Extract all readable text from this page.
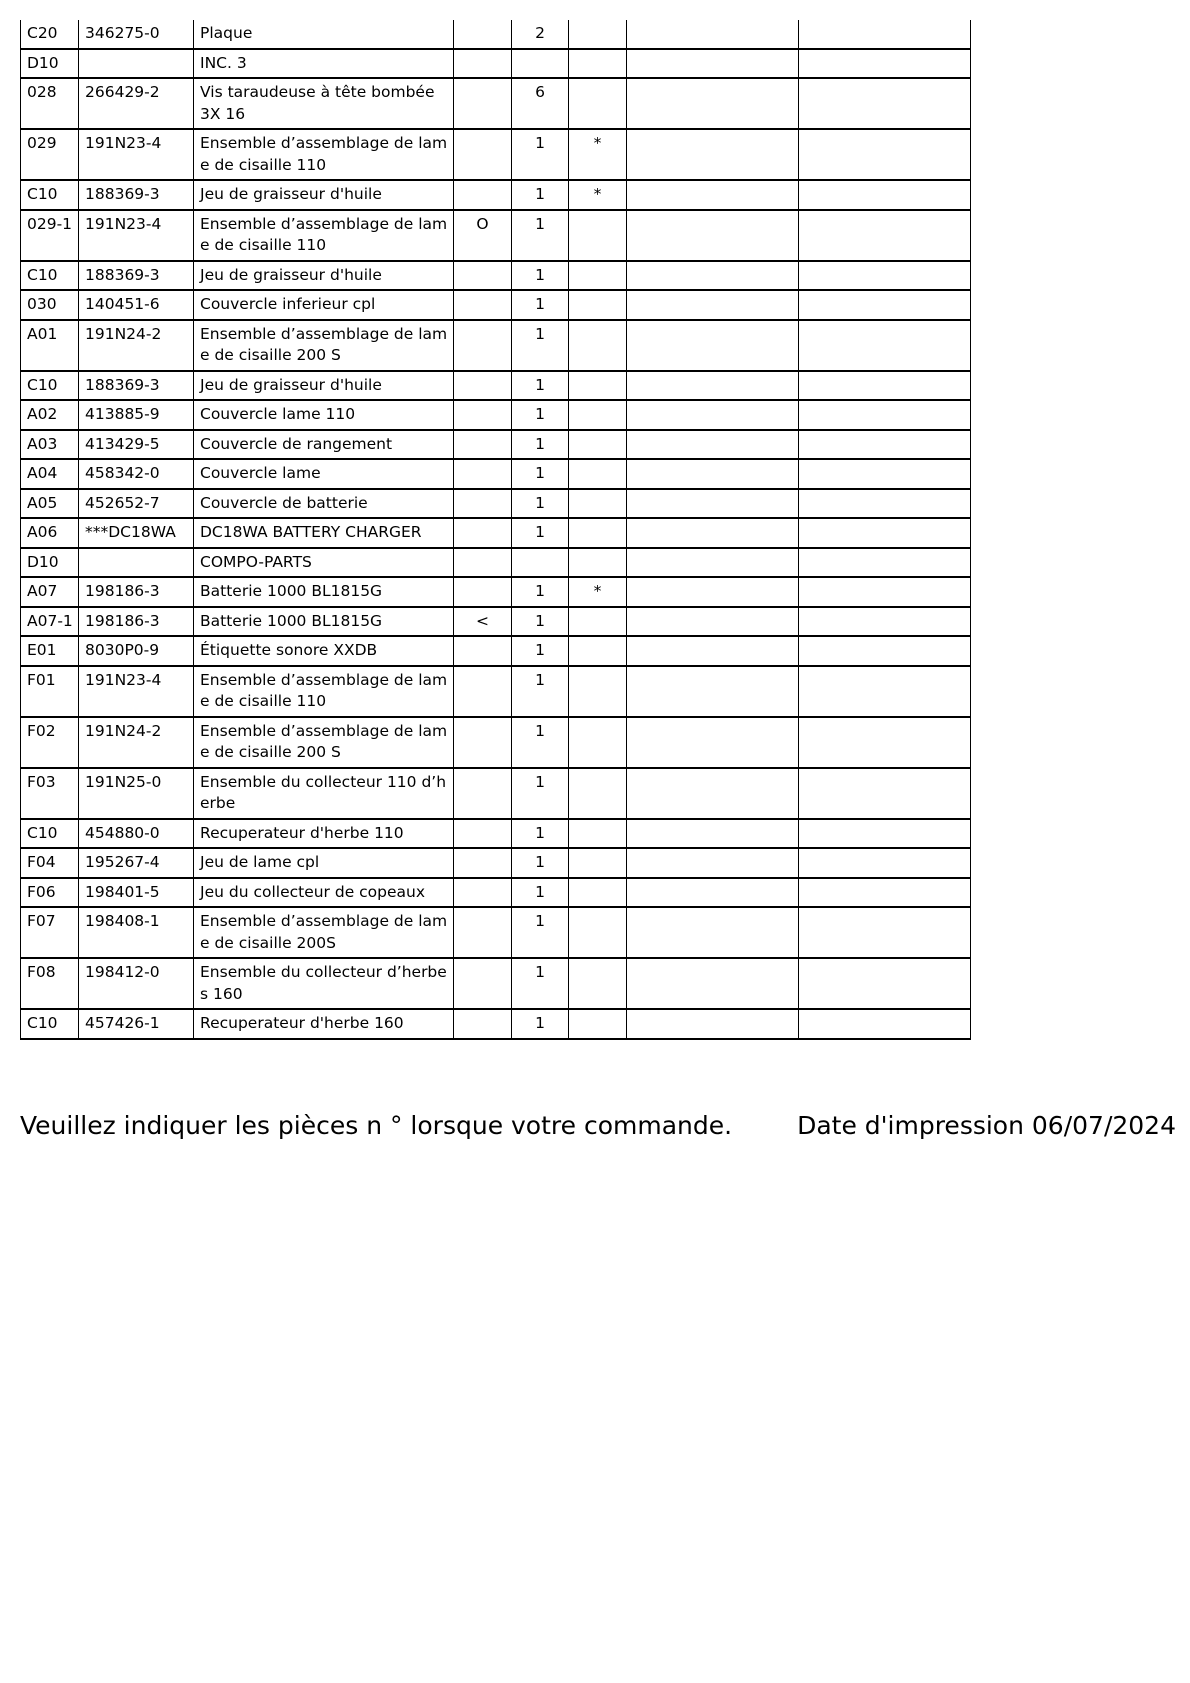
C20	346275-0	Plaque		2			
D10		INC. 3					
028	266429-2	Vis taraudeuse à tête bombée 3X 16		6			
029	191N23-4	Ensemble d’assemblage de lame de cisaille 110		1	*		
C10	188369-3	Jeu de graisseur d'huile		1	*		
029-1	191N23-4	Ensemble d’assemblage de lame de cisaille 110	O	1			
C10	188369-3	Jeu de graisseur d'huile		1			
030	140451-6	Couvercle inferieur cpl		1			
A01	191N24-2	Ensemble d’assemblage de lame de cisaille 200 S		1			
C10	188369-3	Jeu de graisseur d'huile		1			
A02	413885-9	Couvercle lame 110		1			
A03	413429-5	Couvercle de rangement		1			
A04	458342-0	Couvercle lame		1			
A05	452652-7	Couvercle de batterie		1			
A06	***DC18WA	DC18WA BATTERY CHARGER		1			
D10		COMPO-PARTS					
A07	198186-3	Batterie 1000 BL1815G		1	*		
A07-1	198186-3	Batterie 1000 BL1815G	<	1			
E01	8030P0-9	Étiquette sonore XXDB		1			
F01	191N23-4	Ensemble d’assemblage de lame de cisaille 110		1			
F02	191N24-2	Ensemble d’assemblage de lame de cisaille 200 S		1			
F03	191N25-0	Ensemble du collecteur 110 d’herbe		1			
C10	454880-0	Recuperateur d'herbe 110		1			
F04	195267-4	Jeu de lame cpl		1			
F06	198401-5	Jeu du collecteur de copeaux		1			
F07	198408-1	Ensemble d’assemblage de lame de cisaille 200S		1			
F08	198412-0	Ensemble du collecteur d’herbes 160		1			
C10	457426-1	Recuperateur d'herbe 160		1			
Veuillez indiquer les pièces n ° lorsque votre commande.	Date d'impression 06/07/2024
